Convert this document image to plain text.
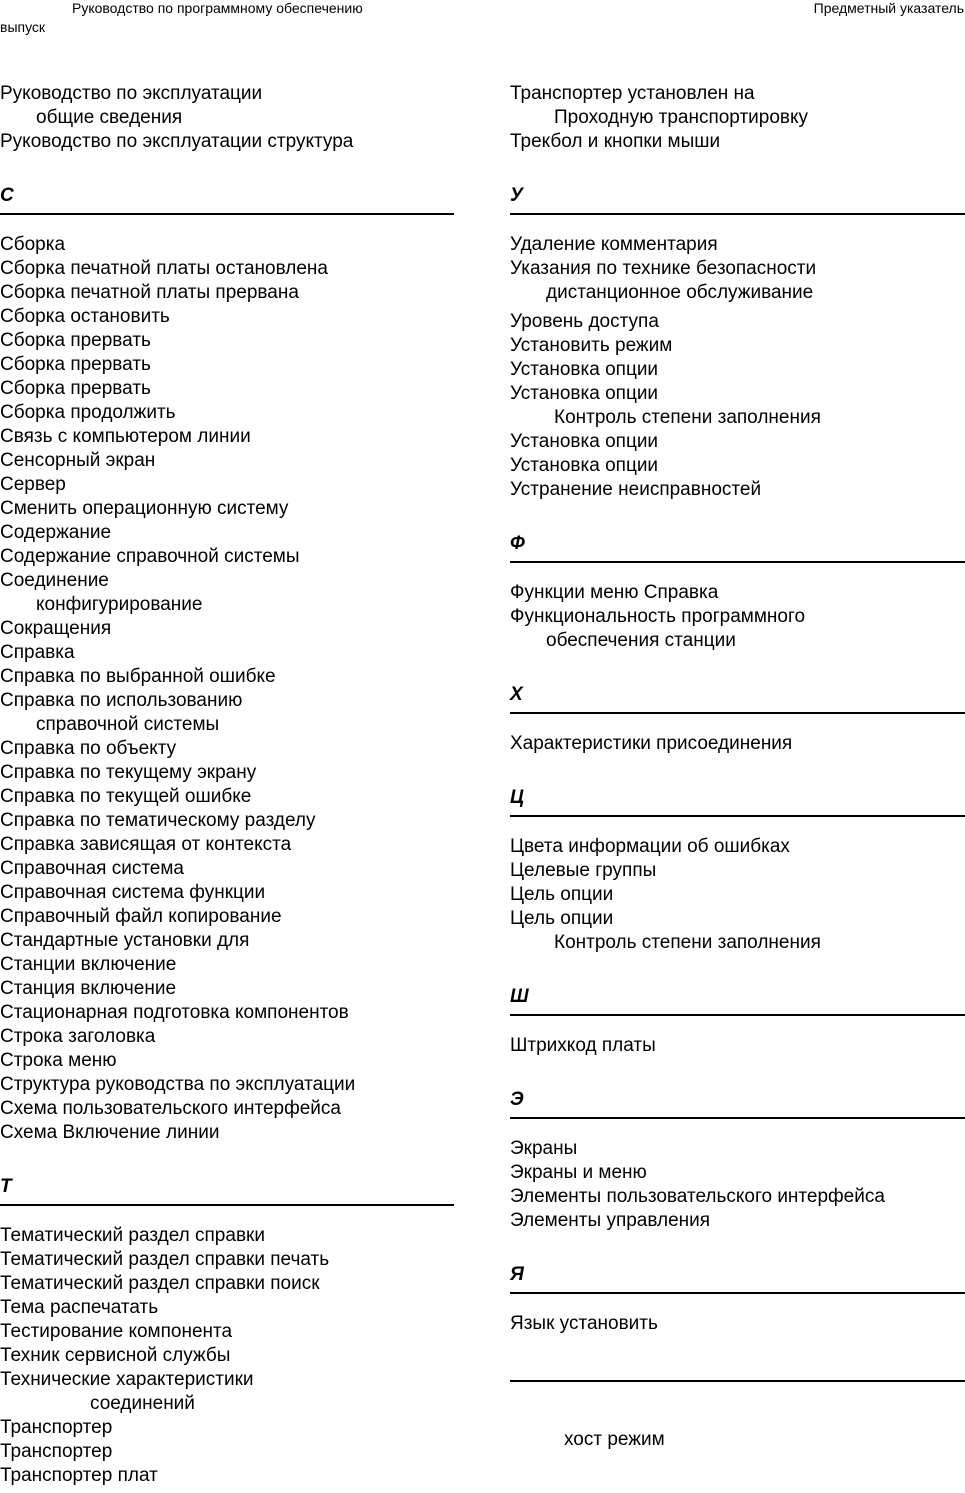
Руководство по программному обеспечению
выпуск
Предметный указатель
Руководство по эксплуатации
общие сведения
Руководство по эксплуатации структура
С
Сборка
Сборка печатной платы остановлена
Сборка печатной платы прервана
Сборка остановить
Сборка прервать
Сборка прервать
Сборка прервать
Сборка продолжить
Связь с компьютером линии
Сенсорный экран
Сервер
Сменить операционную систему
Содержание
Содержание справочной системы
Соединение
конфигурирование
Сокращения
Справка
Справка по выбранной ошибке
Справка по использованию
справочной системы
Справка по объекту
Справка по текущему экрану
Справка по текущей ошибке
Справка по тематическому разделу
Справка зависящая от контекста
Справочная система
Справочная система функции
Справочный файл копирование
Стандартные установки для
Станции включение
Станция включение
Стационарная подготовка компонентов
Строка заголовка
Строка меню
Структура руководства по эксплуатации
Схема пользовательского интерфейса
Схема Включение линии
Т
Тематический раздел справки
Тематический раздел справки печать
Тематический раздел справки поиск
Тема распечатать
Тестирование компонента
Техник сервисной службы
Технические характеристики
соединений
Транспортер
Транспортер
Транспортер плат
Транспортер установлен на
Проходную транспортировку
Трекбол и кнопки мыши
У
Удаление комментария
Указания по технике безопасности
дистанционное обслуживание
Уровень доступа
Установить режим
Установка опции
Установка опции
Контроль степени заполнения
Установка опции
Установка опции
Устранение неисправностей
Ф
Функции меню Справка
Функциональность программного
обеспечения станции
Х
Характеристики присоединения
Ц
Цвета информации об ошибках
Целевые группы
Цель опции
Цель опции
Контроль степени заполнения
Ш
Штрихкод платы
Э
Экраны
Экраны и меню
Элементы пользовательского интерфейса
Элементы управления
Я
Язык установить
хост режим
